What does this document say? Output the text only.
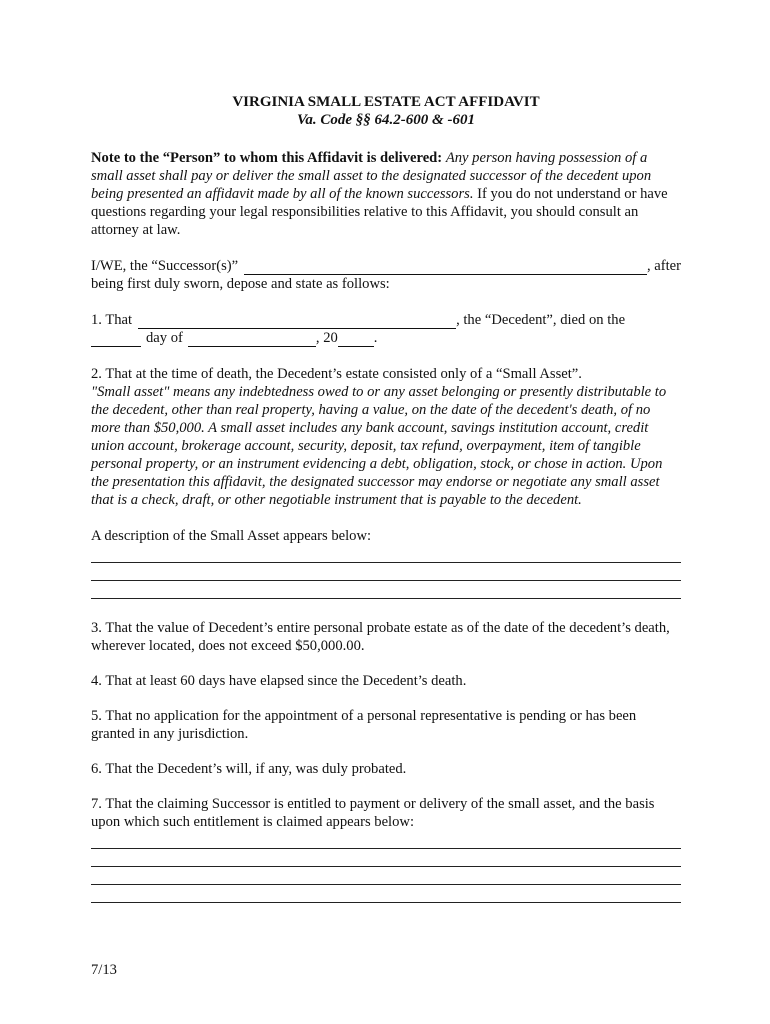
VIRGINIA SMALL ESTATE ACT AFFIDAVIT
Va. Code §§ 64.2-600 & -601

Note to the “Person” to whom this Affidavit is delivered: Any person having possession of a small asset shall pay or deliver the small asset to the designated successor of the decedent upon being presented an affidavit made by all of the known successors. If you do not understand or have questions regarding your legal responsibilities relative to this Affidavit, you should consult an attorney at law.

I/WE, the “Successor(s)”	, after

being first duly sworn, depose and state as follows:

1. That	, the “Decedent”, died on the
day of	, 20 .

2. That at the time of death, the Decedent’s estate consisted only of a “Small Asset”.

"Small asset" means any indebtedness owed to or any asset belonging or presently distributable to the decedent, other than real property, having a value, on the date of the decedent's death, of no more than $50,000. A small asset includes any bank account, savings institution account, credit union account, brokerage account, security, deposit, tax refund, overpayment, item of tangible personal property, or an instrument evidencing a debt, obligation, stock, or chose in action. Upon the presentation this affidavit, the designated successor may endorse or negotiate any small asset that is a check, draft, or other negotiable instrument that is payable to the decedent.

A description of the Small Asset appears below:

3. That the value of Decedent’s entire personal probate estate as of the date of the decedent’s death, wherever located, does not exceed $50,000.00.

4. That at least 60 days have elapsed since the Decedent’s death.

5. That no application for the appointment of a personal representative is pending or has been granted in any jurisdiction.

6. That the Decedent’s will, if any, was duly probated.

7. That the claiming Successor is entitled to payment or delivery of the small asset, and the basis upon which such entitlement is claimed appears below:

7/13
